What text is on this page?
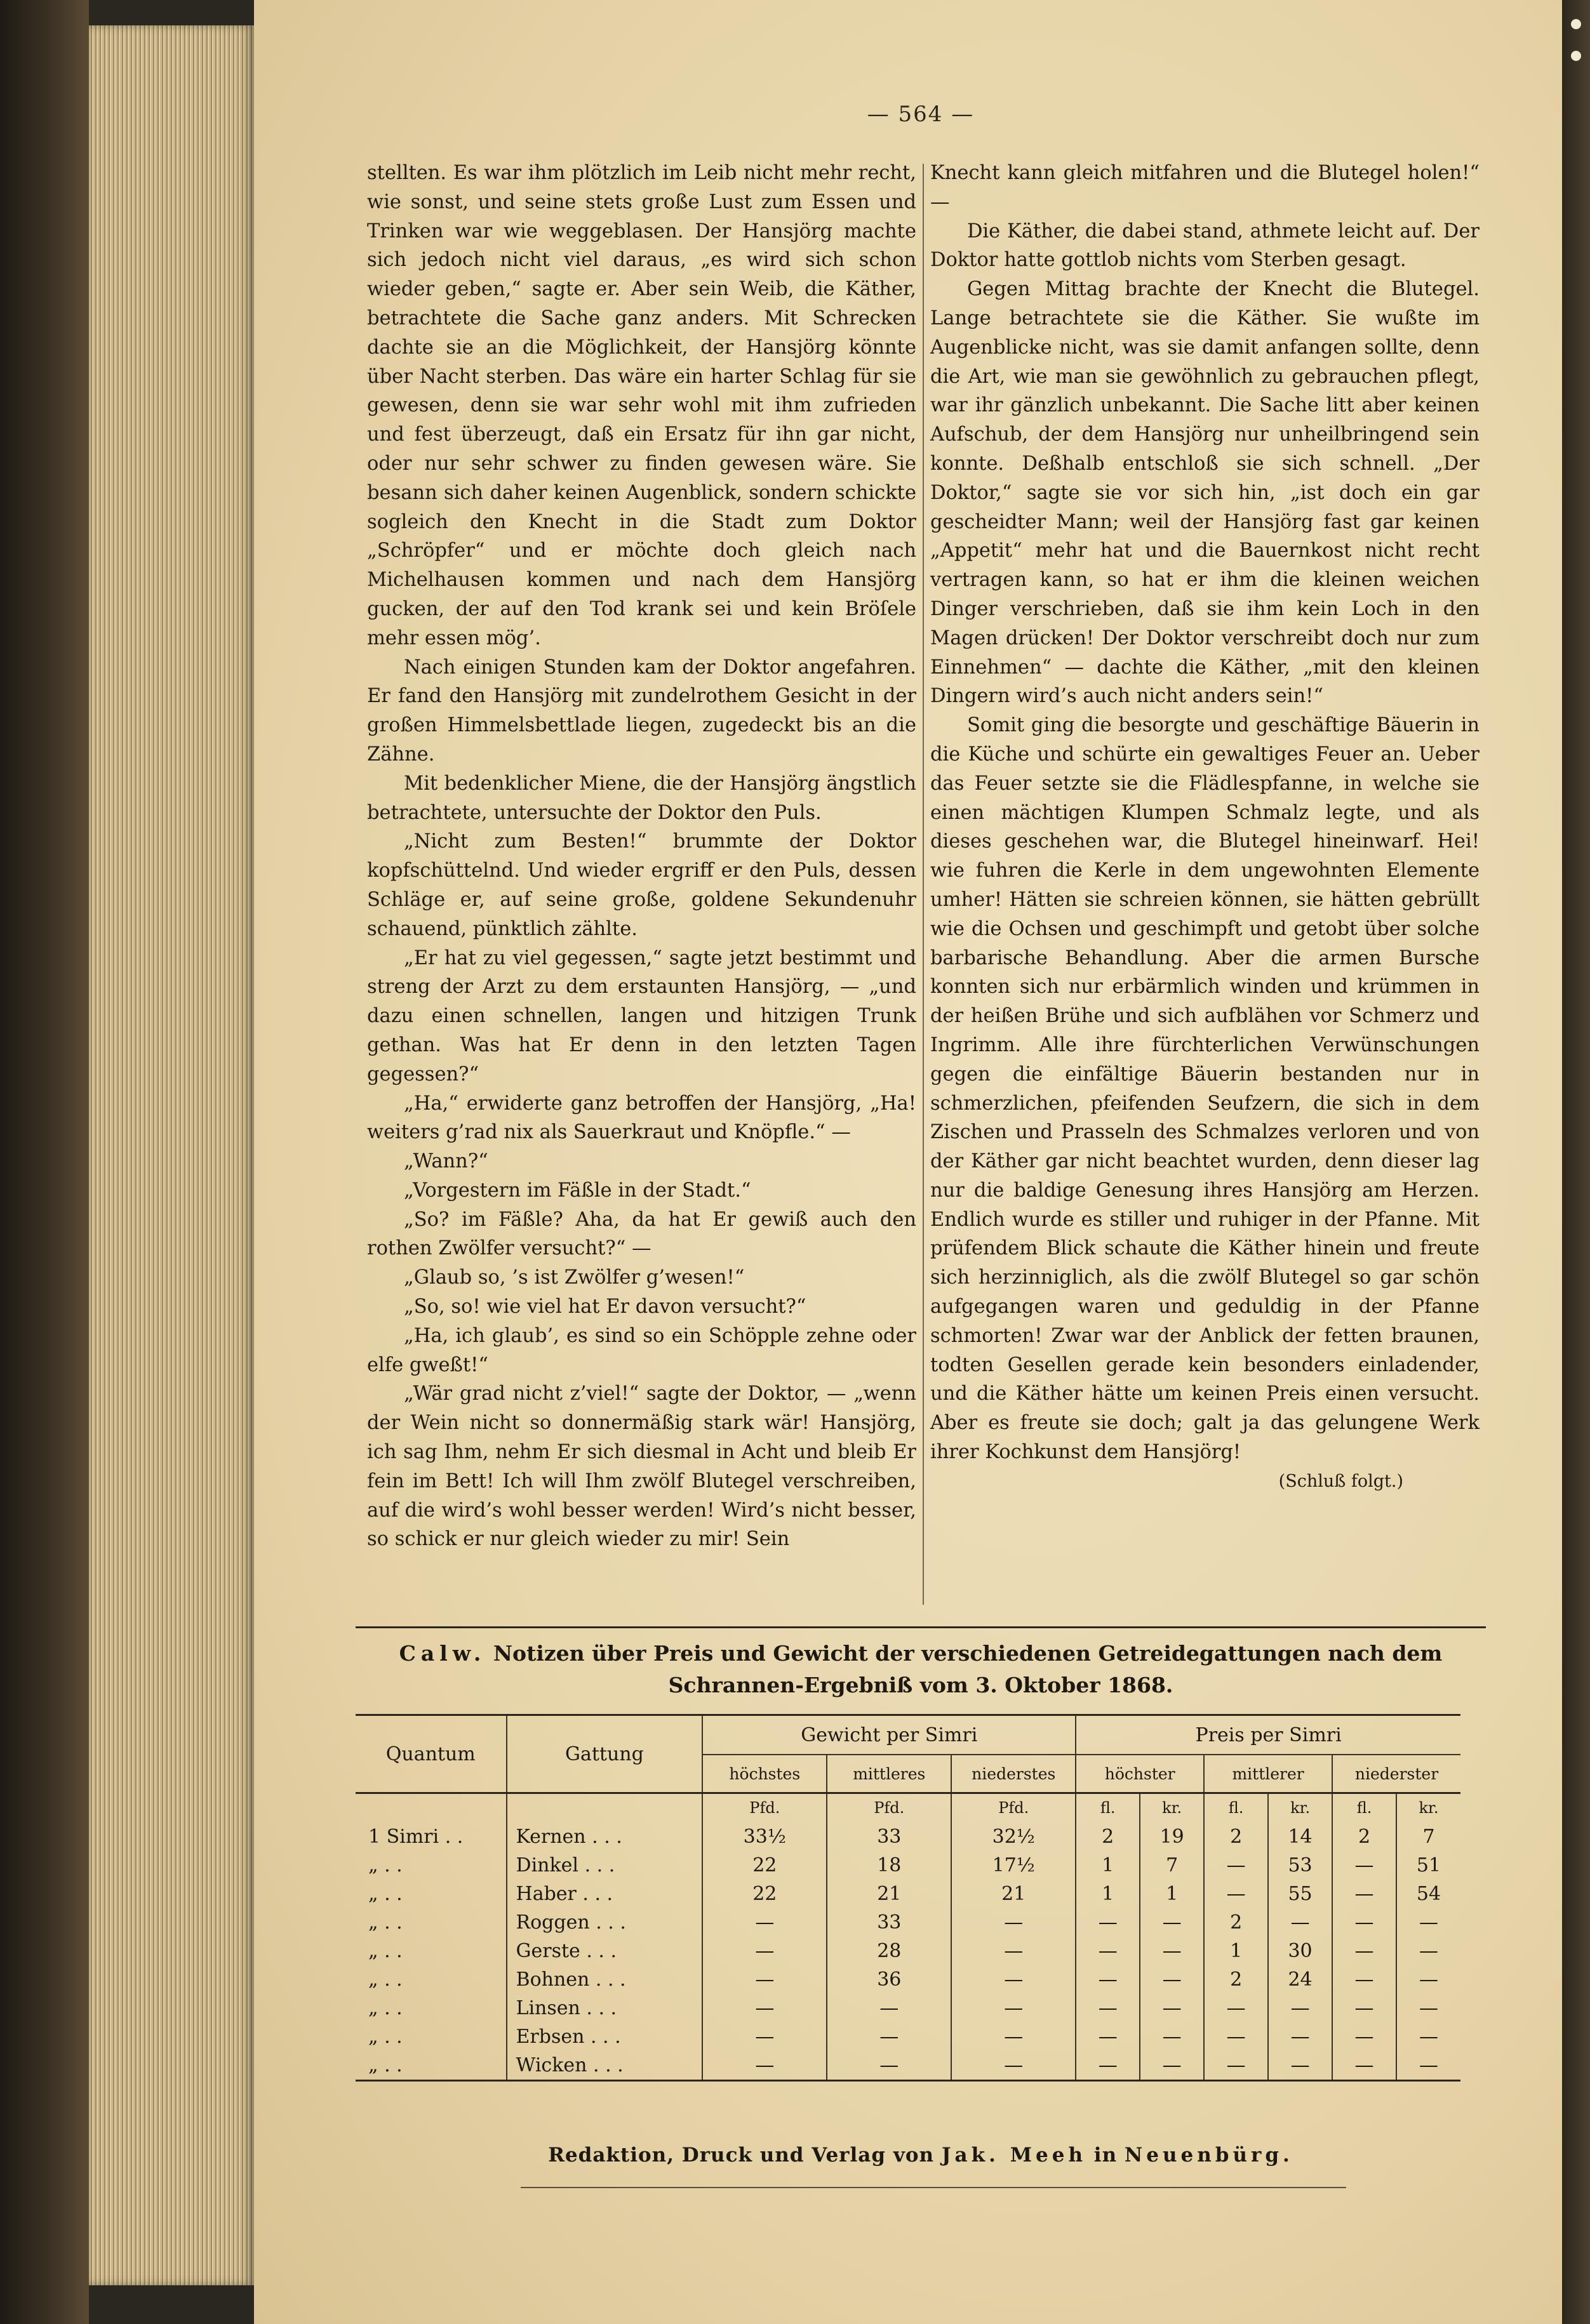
— 564 —

stellten. Es war ihm plötzlich im Leib nicht mehr recht, wie sonst, und seine stets große Lust zum Essen und Trinken war wie weggeblasen. Der Hansjörg machte sich jedoch nicht viel daraus, „es wird sich schon wieder geben,“ sagte er. Aber sein Weib, die Käther, betrachtete die Sache ganz anders. Mit Schrecken dachte sie an die Möglichkeit, der Hansjörg könnte über Nacht sterben. Das wäre ein harter Schlag für sie gewesen, denn sie war sehr wohl mit ihm zufrieden und fest überzeugt, daß ein Ersatz für ihn gar nicht, oder nur sehr schwer zu finden gewesen wäre. Sie besann sich daher keinen Augenblick, sondern schickte sogleich den Knecht in die Stadt zum Doktor „Schröpfer“ und er möchte doch gleich nach Michelhausen kommen und nach dem Hansjörg gucken, der auf den Tod krank sei und kein Bröſele mehr essen mög’.

Nach einigen Stunden kam der Doktor angefahren. Er fand den Hansjörg mit zundelrothem Gesicht in der großen Himmelsbettlade liegen, zugedeckt bis an die Zähne.

Mit bedenklicher Miene, die der Hansjörg ängstlich betrachtete, untersuchte der Doktor den Puls.

„Nicht zum Besten!“ brummte der Doktor kopfschüttelnd. Und wieder ergriff er den Puls, dessen Schläge er, auf seine große, goldene Sekundenuhr schauend, pünktlich zählte.

„Er hat zu viel gegessen,“ sagte jetzt bestimmt und streng der Arzt zu dem erstaunten Hansjörg, — „und dazu einen schnellen, langen und hitzigen Trunk gethan. Was hat Er denn in den letzten Tagen gegessen?“

„Ha,“ erwiderte ganz betroffen der Hansjörg, „Ha! weiters g’rad nix als Sauerkraut und Knöpfle.“ —

„Wann?“

„Vorgestern im Fäßle in der Stadt.“

„So? im Fäßle? Aha, da hat Er gewiß auch den rothen Zwölfer versucht?“ —

„Glaub so, ’s ist Zwölfer g’wesen!“

„So, so! wie viel hat Er davon versucht?“

„Ha, ich glaub’, es sind so ein Schöpple zehne oder elfe gweßt!“

„Wär grad nicht z’viel!“ sagte der Doktor, — „wenn der Wein nicht so donnermäßig stark wär! Hansjörg, ich sag Ihm, nehm Er sich diesmal in Acht und bleib Er fein im Bett! Ich will Ihm zwölf Blutegel verschreiben, auf die wird’s wohl besser werden! Wird’s nicht besser, so schick er nur gleich wieder zu mir! Sein

Knecht kann gleich mitfahren und die Blutegel holen!“ —

Die Käther, die dabei stand, athmete leicht auf. Der Doktor hatte gottlob nichts vom Sterben gesagt.

Gegen Mittag brachte der Knecht die Blutegel. Lange betrachtete sie die Käther. Sie wußte im Augenblicke nicht, was sie damit anfangen sollte, denn die Art, wie man sie gewöhnlich zu gebrauchen pflegt, war ihr gänzlich unbekannt. Die Sache litt aber keinen Aufschub, der dem Hansjörg nur unheilbringend sein konnte. Deßhalb entschloß sie sich schnell. „Der Doktor,“ sagte sie vor sich hin, „ist doch ein gar gescheidter Mann; weil der Hansjörg fast gar keinen „Appetit“ mehr hat und die Bauernkost nicht recht vertragen kann, so hat er ihm die kleinen weichen Dinger verschrieben, daß sie ihm kein Loch in den Magen drücken! Der Doktor verschreibt doch nur zum Einnehmen“ — dachte die Käther, „mit den kleinen Dingern wird’s auch nicht anders sein!“

Somit ging die besorgte und geschäftige Bäuerin in die Küche und schürte ein gewaltiges Feuer an. Ueber das Feuer setzte sie die Flädlespfanne, in welche sie einen mächtigen Klumpen Schmalz legte, und als dieses geschehen war, die Blutegel hineinwarf. Hei! wie fuhren die Kerle in dem ungewohnten Elemente umher! Hätten sie schreien können, sie hätten gebrüllt wie die Ochsen und geschimpft und getobt über solche barbarische Behandlung. Aber die armen Bursche konnten sich nur erbärmlich winden und krümmen in der heißen Brühe und sich aufblähen vor Schmerz und Ingrimm. Alle ihre fürchterlichen Verwünschungen gegen die einfältige Bäuerin bestanden nur in schmerzlichen, pfeifenden Seufzern, die sich in dem Zischen und Prasseln des Schmalzes verloren und von der Käther gar nicht beachtet wurden, denn dieser lag nur die baldige Genesung ihres Hansjörg am Herzen. Endlich wurde es stiller und ruhiger in der Pfanne. Mit prüfendem Blick schaute die Käther hinein und freute sich herzinniglich, als die zwölf Blutegel so gar schön aufgegangen waren und geduldig in der Pfanne schmorten! Zwar war der Anblick der fetten braunen, todten Gesellen gerade kein besonders einladender, und die Käther hätte um keinen Preis einen versucht. Aber es freute sie doch; galt ja das gelungene Werk ihrer Kochkunst dem Hansjörg!

(Schluß folgt.)

Calw. Notizen über Preis und Gewicht der verschiedenen Getreidegattungen nach dem
Schrannen-Ergebniß vom 3. Oktober 1868.
Quantum	Gattung	Gewicht per Simri			Preis per Simri					
		höchstes	mittleres	niederstes	höchster		mittlerer		niederster	
		Pfd.	Pfd.	Pfd.	fl.	kr.	fl.	kr.	fl.	kr.
1 Simri . .	Kernen . . .	33½	33	32½	2	19	2	14	2	7
„ . .	Dinkel . . .	22	18	17½	1	7	—	53	—	51
„ . .	Haber . . .	22	21	21	1	1	—	55	—	54
„ . .	Roggen . . .	—	33	—	—	—	2	—	—	—
„ . .	Gerste . . .	—	28	—	—	—	1	30	—	—
„ . .	Bohnen . . .	—	36	—	—	—	2	24	—	—
„ . .	Linsen . . .	—	—	—	—	—	—	—	—	—
„ . .	Erbsen . . .	—	—	—	—	—	—	—	—	—
„ . .	Wicken . . .	—	—	—	—	—	—	—	—	—
Redaktion, Druck und Verlag von Jak. Meeh in Neuenbürg.
